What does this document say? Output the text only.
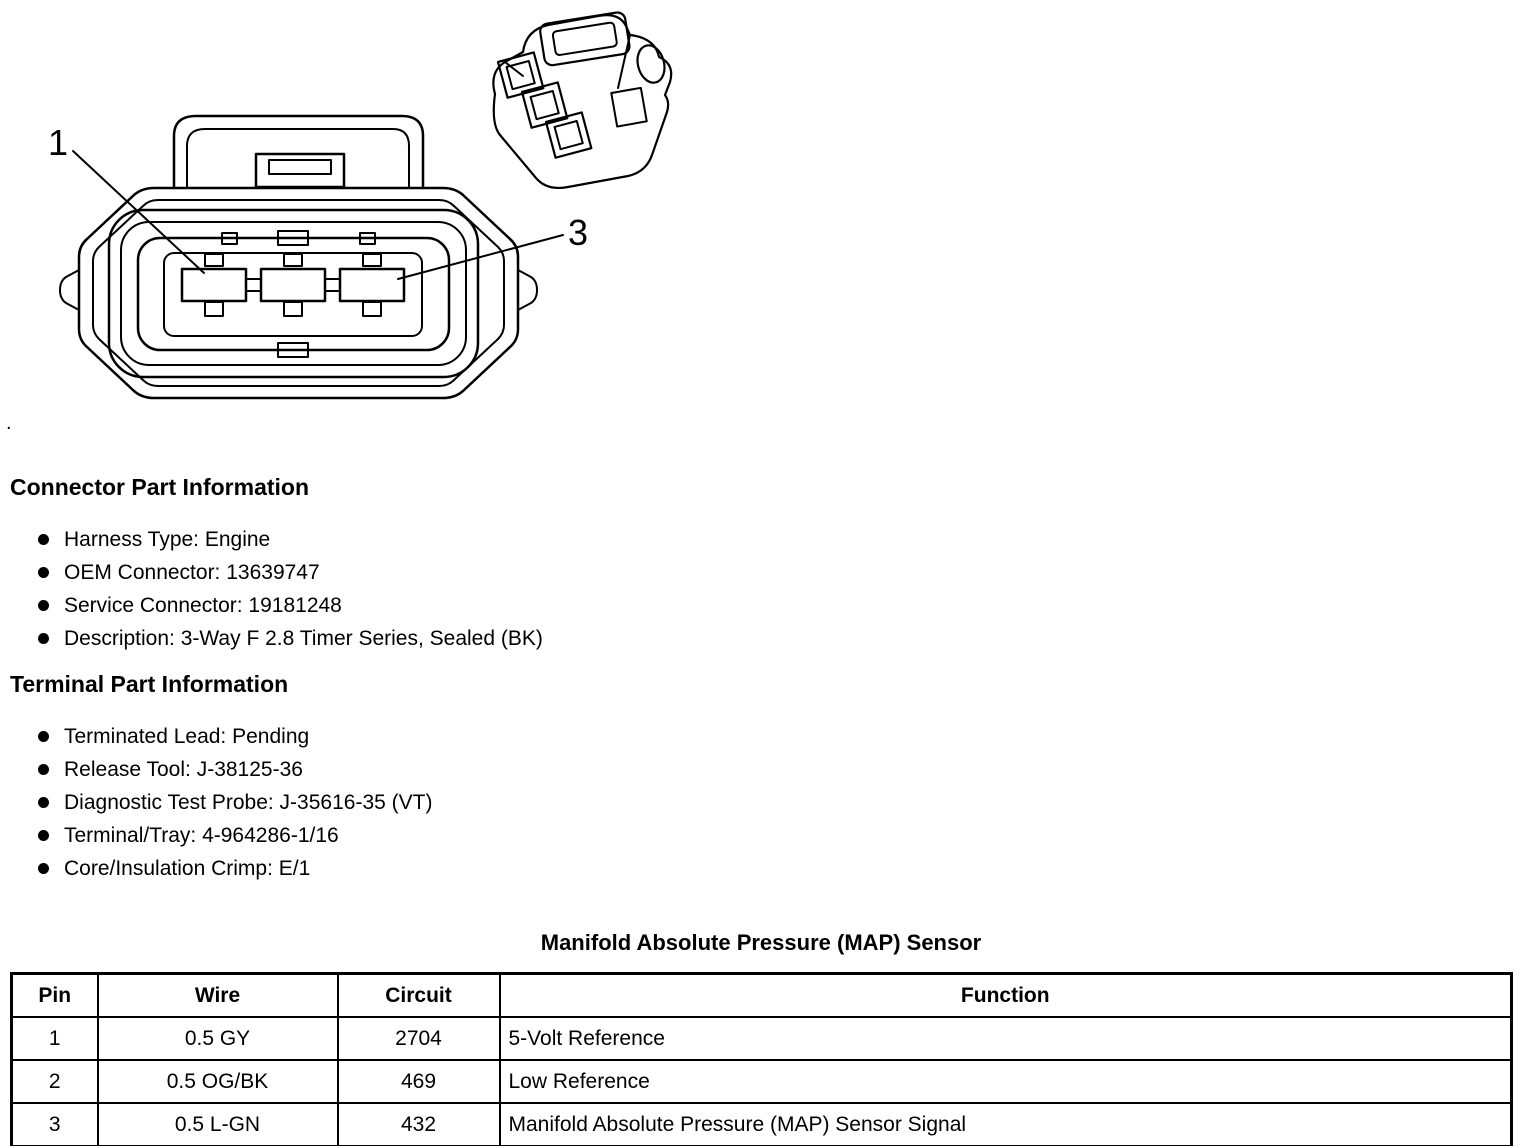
1
3
.
Connector Part Information
Harness Type: Engine
OEM Connector: 13639747
Service Connector: 19181248
Description: 3-Way F 2.8 Timer Series, Sealed (BK)
Terminal Part Information
Terminated Lead: Pending
Release Tool: J-38125-36
Diagnostic Test Probe: J-35616-35 (VT)
Terminal/Tray: 4-964286-1/16
Core/Insulation Crimp: E/1
Manifold Absolute Pressure (MAP) Sensor
Pin	Wire	Circuit	Function
1	0.5 GY	2704	5-Volt Reference
2	0.5 OG/BK	469	Low Reference
3	0.5 L-GN	432	Manifold Absolute Pressure (MAP) Sensor Signal
